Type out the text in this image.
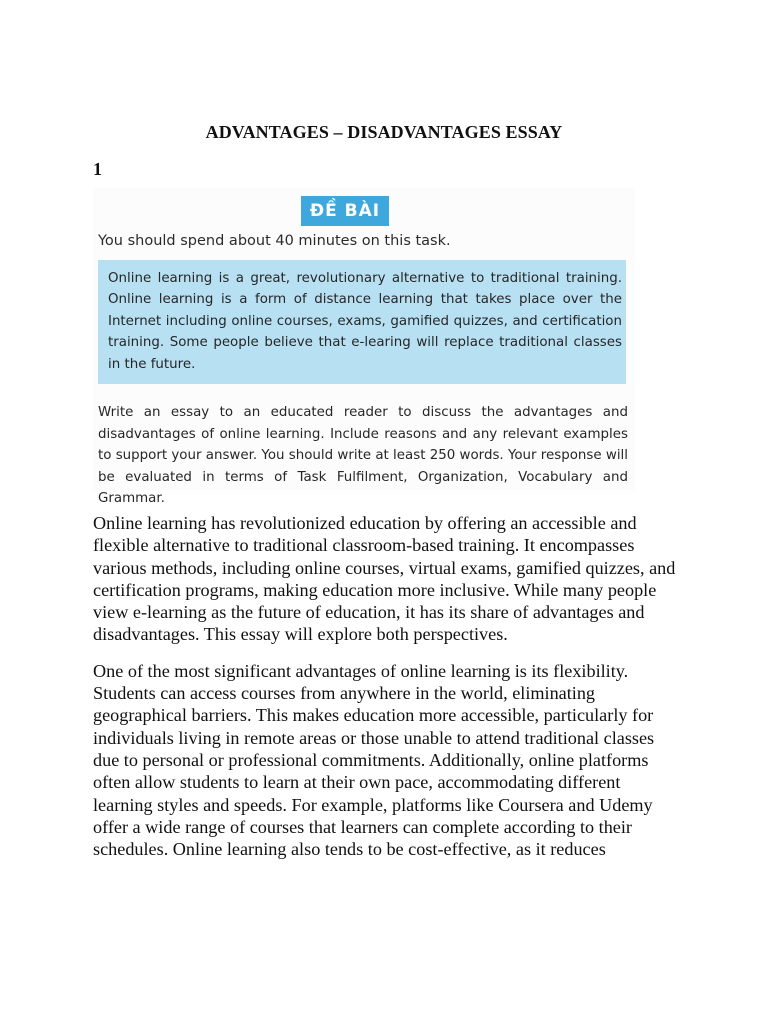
ADVANTAGES – DISADVANTAGES ESSAY
1
ĐỀ BÀI
You should spend about 40 minutes on this task.
Online learning is a great, revolutionary alternative to traditional training. Online learning is a form of distance learning that takes place over the Internet including online courses, exams, gamified quizzes, and certification training. Some people believe that e-learing will replace traditional classes in the future.
Write an essay to an educated reader to discuss the advantages and disadvantages of online learning. Include reasons and any relevant examples to support your answer. You should write at least 250 words. Your response will be evaluated in terms of Task Fulfilment, Organization, Vocabulary and Grammar.

Online learning has revolutionized education by offering an accessible and flexible alternative to traditional classroom-based training. It encompasses various methods, including online courses, virtual exams, gamified quizzes, and certification programs, making education more inclusive. While many people view e-learning as the future of education, it has its share of advantages and disadvantages. This essay will explore both perspectives.

One of the most significant advantages of online learning is its flexibility. Students can access courses from anywhere in the world, eliminating geographical barriers. This makes education more accessible, particularly for individuals living in remote areas or those unable to attend traditional classes due to personal or professional commitments. Additionally, online platforms often allow students to learn at their own pace, accommodating different learning styles and speeds. For example, platforms like Coursera and Udemy offer a wide range of courses that learners can complete according to their schedules. Online learning also tends to be cost-effective, as it reduces
